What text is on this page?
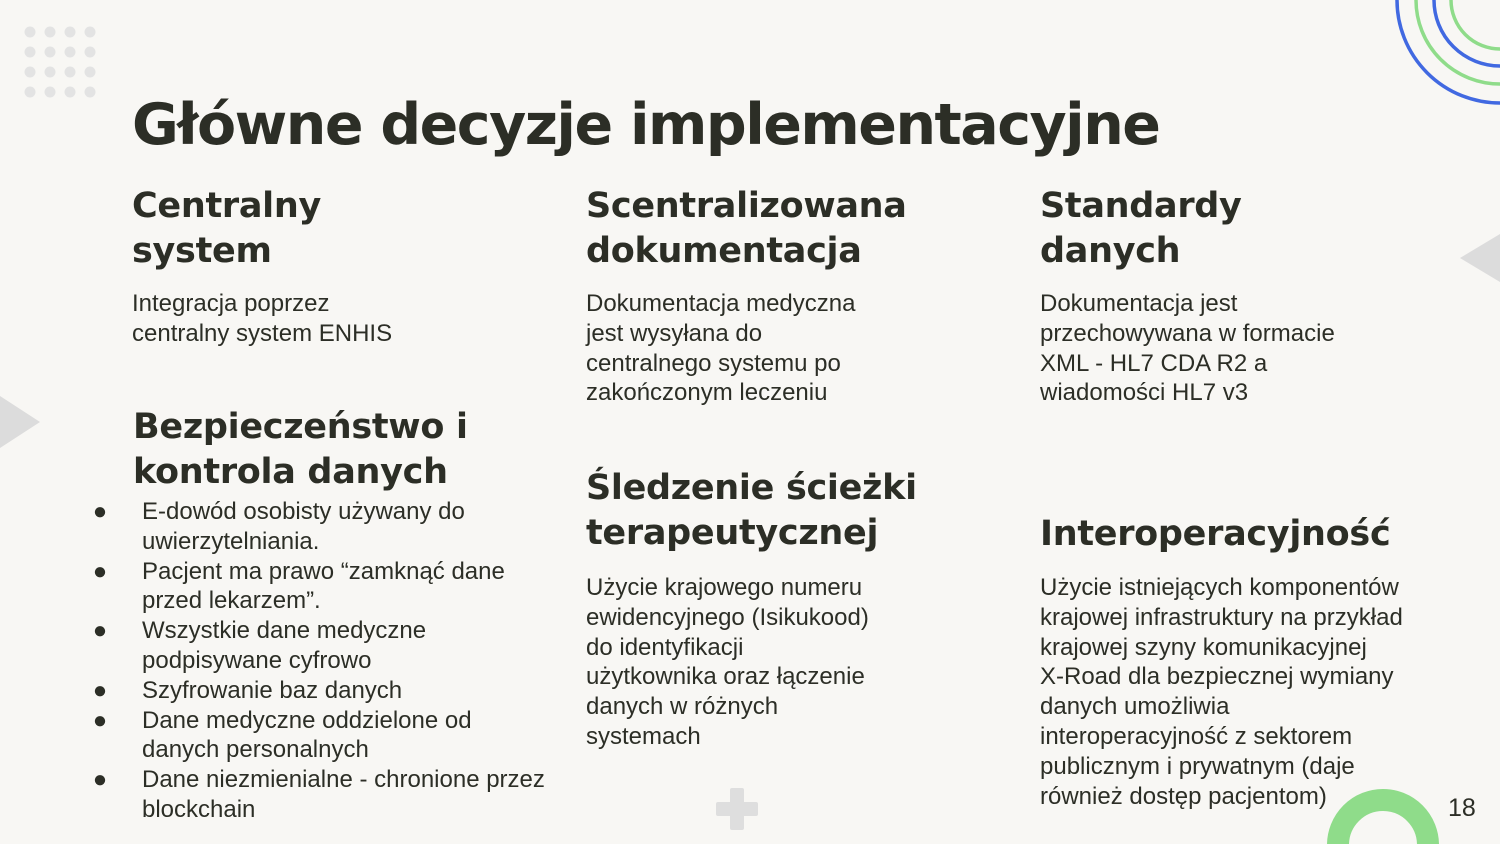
Główne decyzje implementacyjne
Centralny
system
Integracja poprzez
centralny system ENHIS
Scentralizowana
dokumentacja
Dokumentacja medyczna
jest wysyłana do
centralnego systemu po
zakończonym leczeniu
Standardy
danych
Dokumentacja jest
przechowywana w formacie
XML - HL7 CDA R2 a
wiadomości HL7 v3
Bezpieczeństwo i
kontrola danych
● E-dowód osobisty używany do
uwierzytelniania.
● Pacjent ma prawo “zamknąć dane
przed lekarzem”.
● Wszystkie dane medyczne
podpisywane cyfrowo
● Szyfrowanie baz danych
● Dane medyczne oddzielone od
danych personalnych
● Dane niezmienialne - chronione przez
blockchain
Śledzenie ścieżki
terapeutycznej
Użycie krajowego numeru
ewidencyjnego (Isikukood)
do identyfikacji
użytkownika oraz łączenie
danych w różnych
systemach
Interoperacyjność
Użycie istniejących komponentów
krajowej infrastruktury na przykład
krajowej szyny komunikacyjnej
X-Road dla bezpiecznej wymiany
danych umożliwia
interoperacyjność z sektorem
publicznym i prywatnym (daje
również dostęp pacjentom)	18
